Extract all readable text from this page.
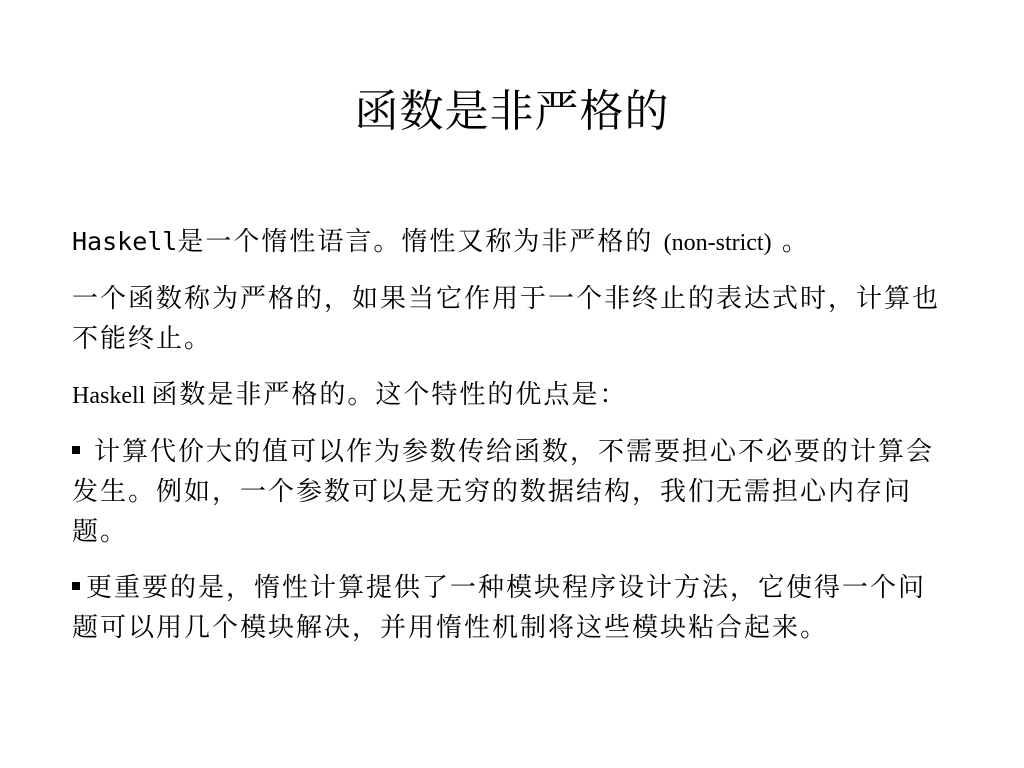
函数是非严格的

Haskell是一个惰性语言。惰性又称为非严格的 (non-strict) 。

一个函数称为严格的，如果当它作用于一个非终止的表达式时，计算也不能终止。

Haskell 函数是非严格的。这个特性的优点是：

计算代价大的值可以作为参数传给函数，不需要担心不必要的计算会发生。例如，一个参数可以是无穷的数据结构，我们无需担心内存问题。

更重要的是，惰性计算提供了一种模块程序设计方法，它使得一个问题可以用几个模块解决，并用惰性机制将这些模块粘合起来。
